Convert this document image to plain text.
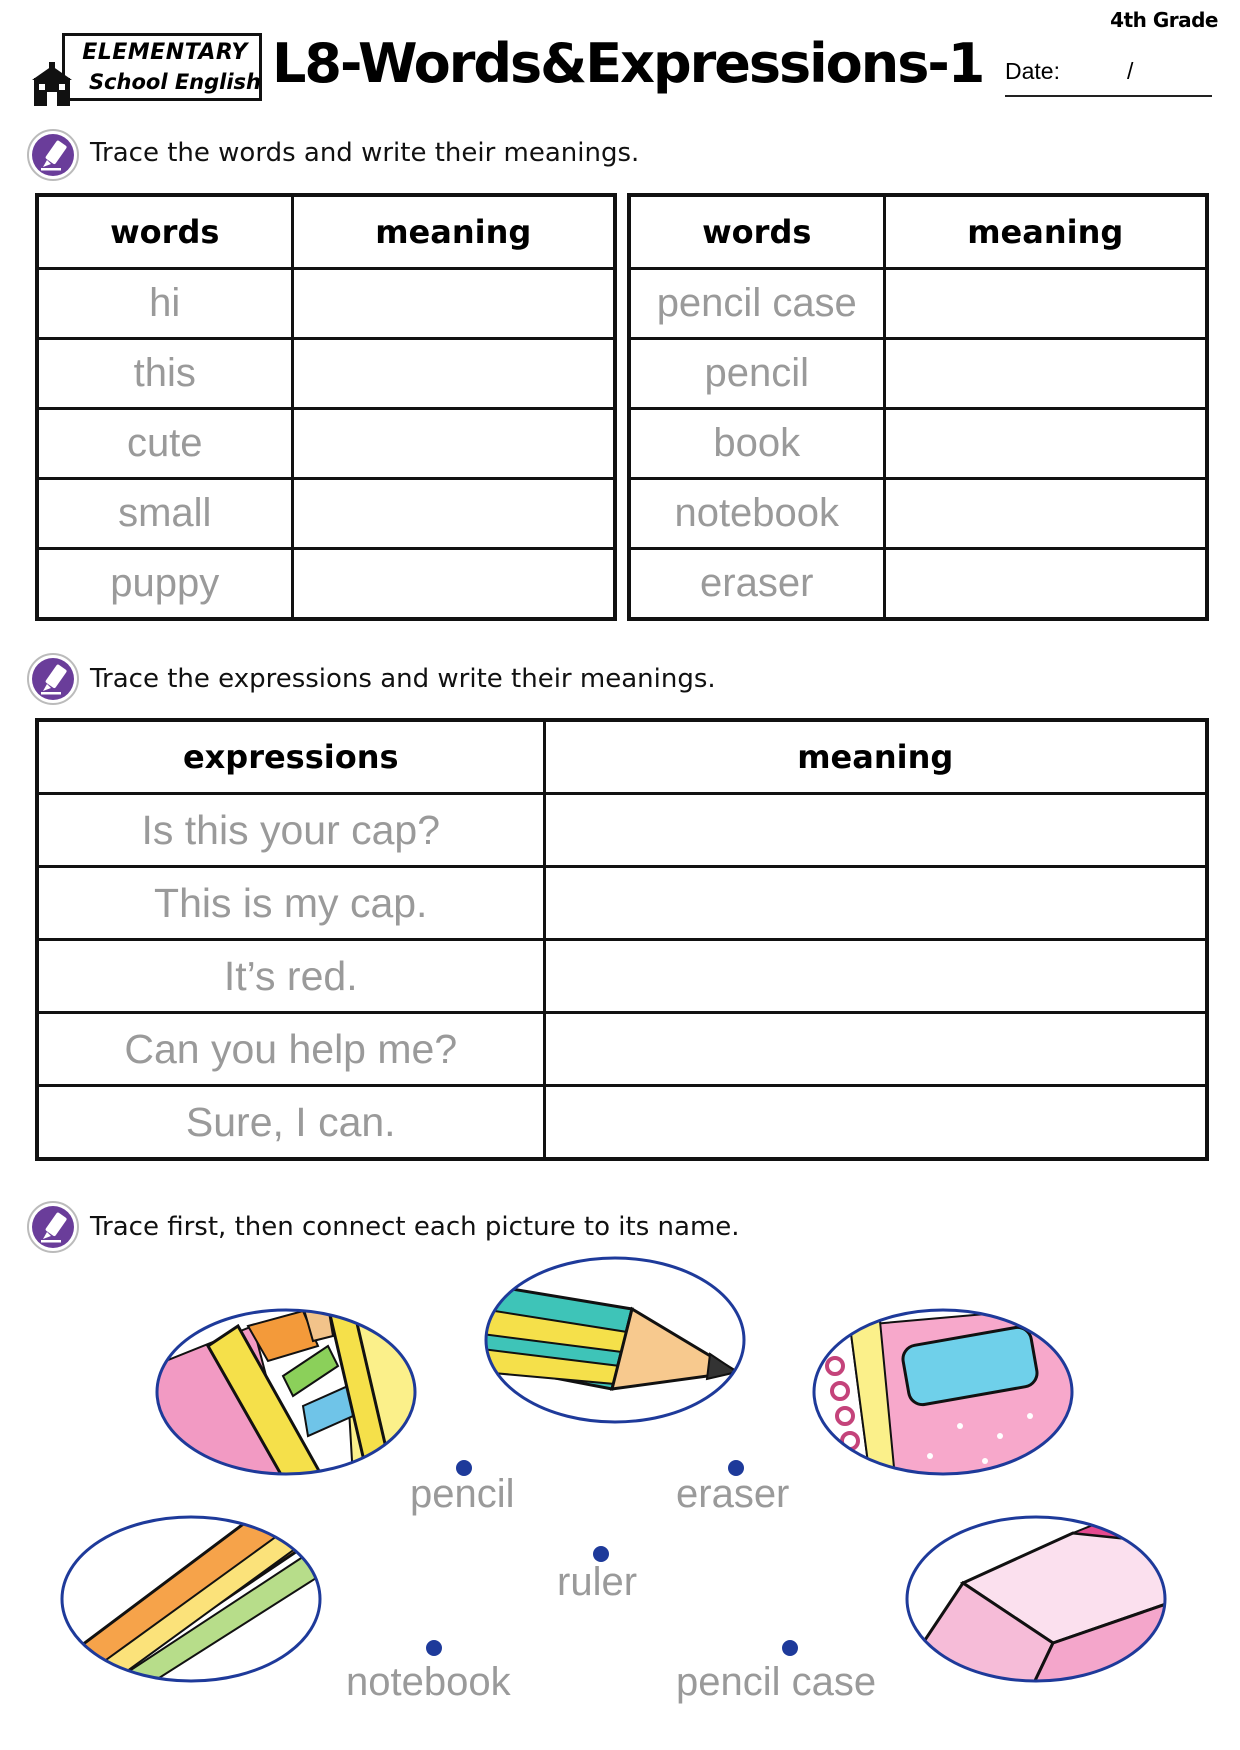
ELEMENTARY
School English L8-Words&Expressions-1
4th Grade
Date:	/
Trace the words and write their meanings.
words	meaning
hi	
this	
cute	
small	
puppy	
words	meaning
pencil case	
pencil	
book	
notebook	
eraser	
Trace the expressions and write their meanings.
expressions	meaning
Is this your cap?	
This is my cap.	
It’s red.	
Can you help me?	
Sure, I can.	
Trace first, then connect each picture to its name.
pencil	eraser
ruler
notebook	pencil case
